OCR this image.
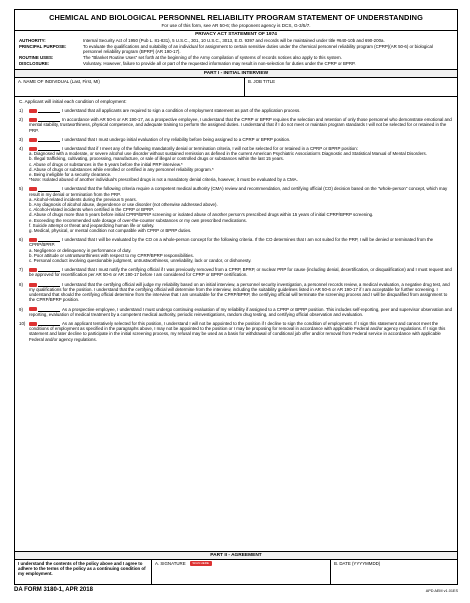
CHEMICAL AND BIOLOGICAL PERSONNEL RELIABILITY PROGRAM STATEMENT OF UNDERSTANDING
For use of this form, see AR 50-6; the proponent agency is DCS, G-3/5/7.
PRIVACY ACT STATEMENT OF 1974
AUTHORITY:	Internal Security Act of 1950 (Pub L. 81-831), 5 U.S.C., 301, 10 U.S.C., 3013, E.O. 9397 and records will be maintained under title #640-10b and 690-200a.
PRINCIPAL PURPOSE:	To evaluate the qualifications and suitability of an individual for assignment to certain sensitive duties under the chemical personnel reliability program (CPRP)(AR 50-6) or biological personnel reliability program (BPRP) (AR 190-17).
ROUTINE USES:	The "Blanket Routine Uses" set forth at the beginning of the Army compilation of systems of records notices also apply to this system.
DISCLOSURE:	Voluntary. However, failure to provide all or part of the requested information may result in non-selection for duties under the CPRP or BPRP.
PART I - INITIAL INTERVIEW
A. NAME OF INDIVIDUAL (Last, First, MI)	B. JOB TITLE
C. Applicant will initial each condition of employment:
1)	I understand that all applicants are required to sign a condition of employment statement as part of the application process.
2)	In accordance with AR 50-6 or AR 190-17, as a prospective employee, I understand that the CPRP or BPRP requires the selection and retention of only those personnel who demonstrate emotional and mental stability, trustworthiness, physical competence, and adequate training to perform the assigned duties. I understand that if I do not meet or maintain program standards I will not be selected for or retained in the PRP.
3)	I understand that I must undergo initial evaluation of my reliability before being assigned to a CPRP or BPRP position.
4)	I understand that if I meet any of the following mandatorily denial or termination criteria, I will not be selected for or retained in a CPRP or BPRP position:
a. Diagnosed with a moderate, or severe alcohol use disorder without sustained remission as defined in the current American Psychiatric Association's Diagnostic and Statistical Manual of Mental Disorders.
b. Illegal trafficking, cultivating, processing, manufacture, or sale of illegal or controlled drugs or substances within the last 15 years.
c. Abuse of drugs or substances in the 5 years before the initial PRP interview.*
d. Abuse of drugs or substances while enrolled or certified in any personnel reliability program.*
e. Being ineligible for a security clearance.
*Note: Isolated abused of another individual's prescribed drugs is not a mandatory denial criteria, however, it must be evaluated by a CMA.
5)	I understand that the following criteria require a competent medical authority (CMA) review and recommendation, and certifying official (CO) decision based on the "whole-person" concept, which may result in my denial or termination from the PRP.
a. Alcohol-related incidents during the previous 5 years.
b. Any diagnosis of alcohol abuse, dependence or use disorder (not otherwise addressed above).
c. Alcohol-related incidents when certified in the CPRP or BPRP.
d. Abuse of drugs more than 5 years before initial CPRP/BPRP screening or isolated abuse of another person's prescribed drugs within 15 years of initial CPRP/BPRP screening.
e. Exceeding the recommended safe dosage of over-the-counter substances or my own prescribed medications.
f. Suicide attempt or threat and jeopardizing human life or safety.
g. Medical, physical, or mental condition not compatible with CPRP or BPRP duties.
6)	I understand that I will be evaluated by the CO on a whole-person concept for the following criteria. If the CO determines that I am not suited for the PRP, I will be denied or terminated from the CPRP/BPRP.
a. Negligence or delinquency in performance of duty.
b. Poor attitude or untrustworthiness with respect to my CPRP/BPRP responsibilities.
c. Personal conduct involving questionable judgment, untrustworthiness, unreliability, lack or candor, or dishonesty.
7)	I understand that I must notify the certifying official if I was previously removed from a CPRP, BPRP, or nuclear PRP for cause (including denial, decertification, or disqualification) and I must request and be approved for recertification per AR 50-6 or AR 190-17 before I am considered for CPRP or BPRP certification.
8)	I understand that the certifying official will judge my reliability based on an initial interview, a personnel security investigation, a personnel records review, a medical evaluation, a negative drug test, and my qualifications for the position. I understand that the certifying official will determine from the interview, including the suitability guidelines listed in AR 50-6 or AR 190-17 if I am acceptable for further screening. I understand that should the certifying official determine from the interview that I am unsuitable for the CPRP/BPRP, the certifying official will terminate the screening process and I will be disqualified from assignment to the CPRP/BPRP position.
9)	As a prospective employee, I understand I must undergo continuing evaluation of my reliability if assigned to a CPRP or BPRP position. This includes self-reporting, peer and supervisor observation and reporting, evaluation of medical treatment by a competent medical authority, periodic reinvestigations, random drug testing, and certifying official observation and evaluation.
10)	As an applicant tentatively selected for this position, I understand I will not be appointed to the position if I decline to sign the condition of employment. If I sign this statement and cannot meet the conditions of employment as specified in the paragraphs above, I may not be appointed to the position or I may be proposing for removal in accordance with applicable Federal and/or agency regulations. If I sign this statement and later decline to participate in the initial screening process, my refusal may be used as a basis for withdrawal of conditional job offer and/or removal from Federal service in accordance with applicable Federal and/or agency regulations.
PART II - AGREEMENT
I understand the contents of the policy above and I agree to adhere to the terms of the policy as a continuing condition of my employment.
A. SIGNATURE	SIGN HERE	B. DATE (YYYYMMDD)
DA FORM 3180-1, APR 2018	APD AEM v1.01ES
